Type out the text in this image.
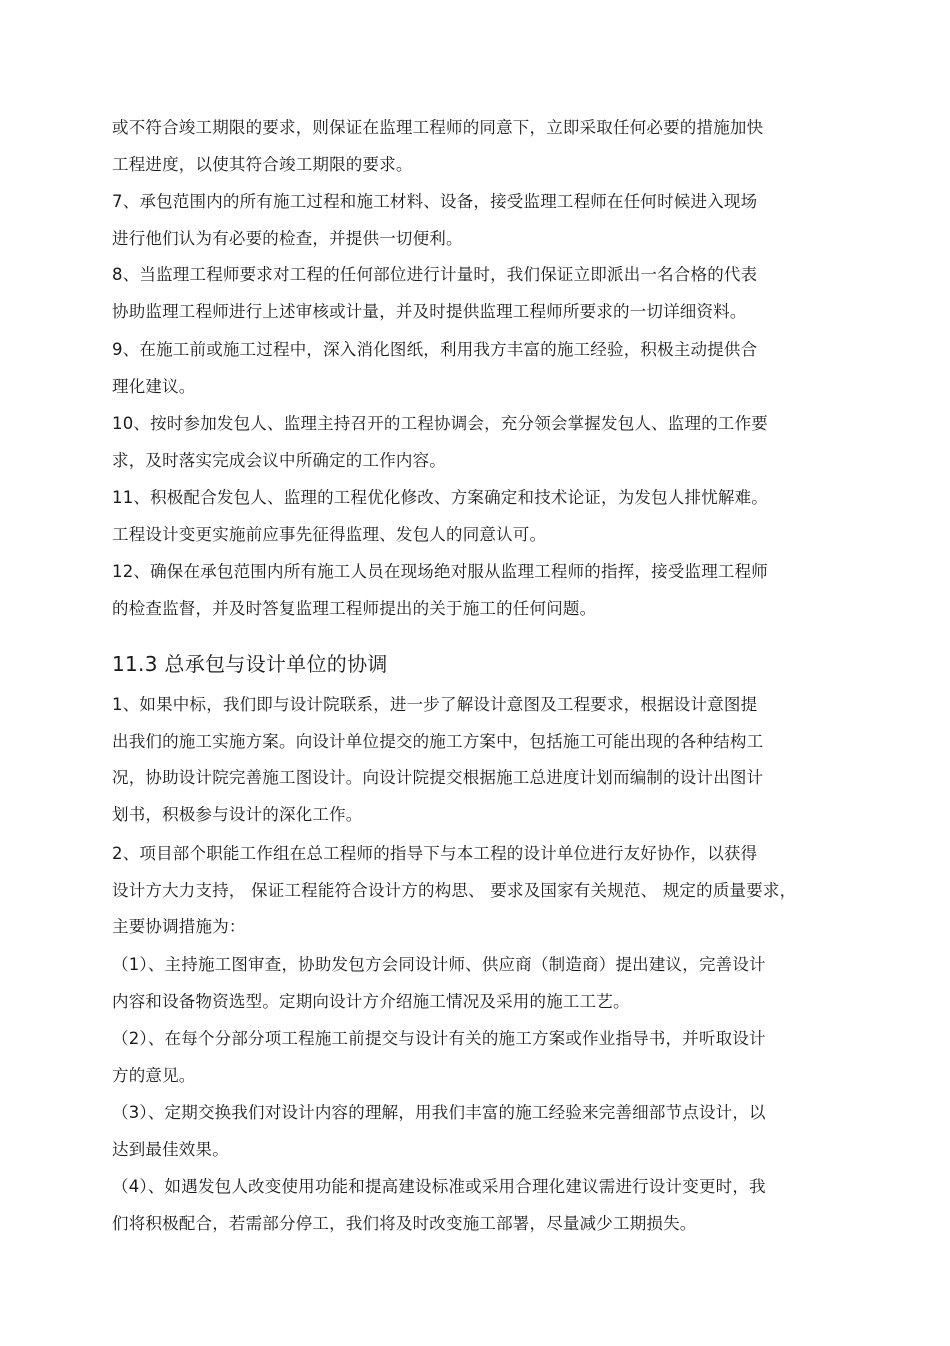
或不符合竣工期限的要求，则保证在监理工程师的同意下，立即采取任何必要的措施加快
工程进度，以使其符合竣工期限的要求。
7、承包范围内的所有施工过程和施工材料、设备，接受监理工程师在任何时候进入现场
进行他们认为有必要的检查，并提供一切便利。
8、当监理工程师要求对工程的任何部位进行计量时，我们保证立即派出一名合格的代表
协助监理工程师进行上述审核或计量，并及时提供监理工程师所要求的一切详细资料。
9、在施工前或施工过程中，深入消化图纸，利用我方丰富的施工经验，积极主动提供合
理化建议。
10、按时参加发包人、监理主持召开的工程协调会，充分领会掌握发包人、监理的工作要
求，及时落实完成会议中所确定的工作内容。
11、积极配合发包人、监理的工程优化修改、方案确定和技术论证，为发包人排忧解难。
工程设计变更实施前应事先征得监理、发包人的同意认可。
12、确保在承包范围内所有施工人员在现场绝对服从监理工程师的指挥，接受监理工程师
的检查监督，并及时答复监理工程师提出的关于施工的任何问题。
11.3 总承包与设计单位的协调
1、如果中标，我们即与设计院联系，进一步了解设计意图及工程要求，根据设计意图提
出我们的施工实施方案。向设计单位提交的施工方案中，包括施工可能出现的各种结构工
况，协助设计院完善施工图设计。向设计院提交根据施工总进度计划而编制的设计出图计
划书，积极参与设计的深化工作。
2、项目部个职能工作组在总工程师的指导下与本工程的设计单位进行友好协作，以获得
设计方大力支持， 保证工程能符合设计方的构思、 要求及国家有关规范、 规定的质量要求，
主要协调措施为：
（1）、主持施工图审查，协助发包方会同设计师、供应商（制造商）提出建议，完善设计
内容和设备物资选型。定期向设计方介绍施工情况及采用的施工工艺。
（2）、在每个分部分项工程施工前提交与设计有关的施工方案或作业指导书，并听取设计
方的意见。
（3）、定期交换我们对设计内容的理解，用我们丰富的施工经验来完善细部节点设计，以
达到最佳效果。
（4）、如遇发包人改变使用功能和提高建设标准或采用合理化建议需进行设计变更时，我
们将积极配合，若需部分停工，我们将及时改变施工部署，尽量减少工期损失。
